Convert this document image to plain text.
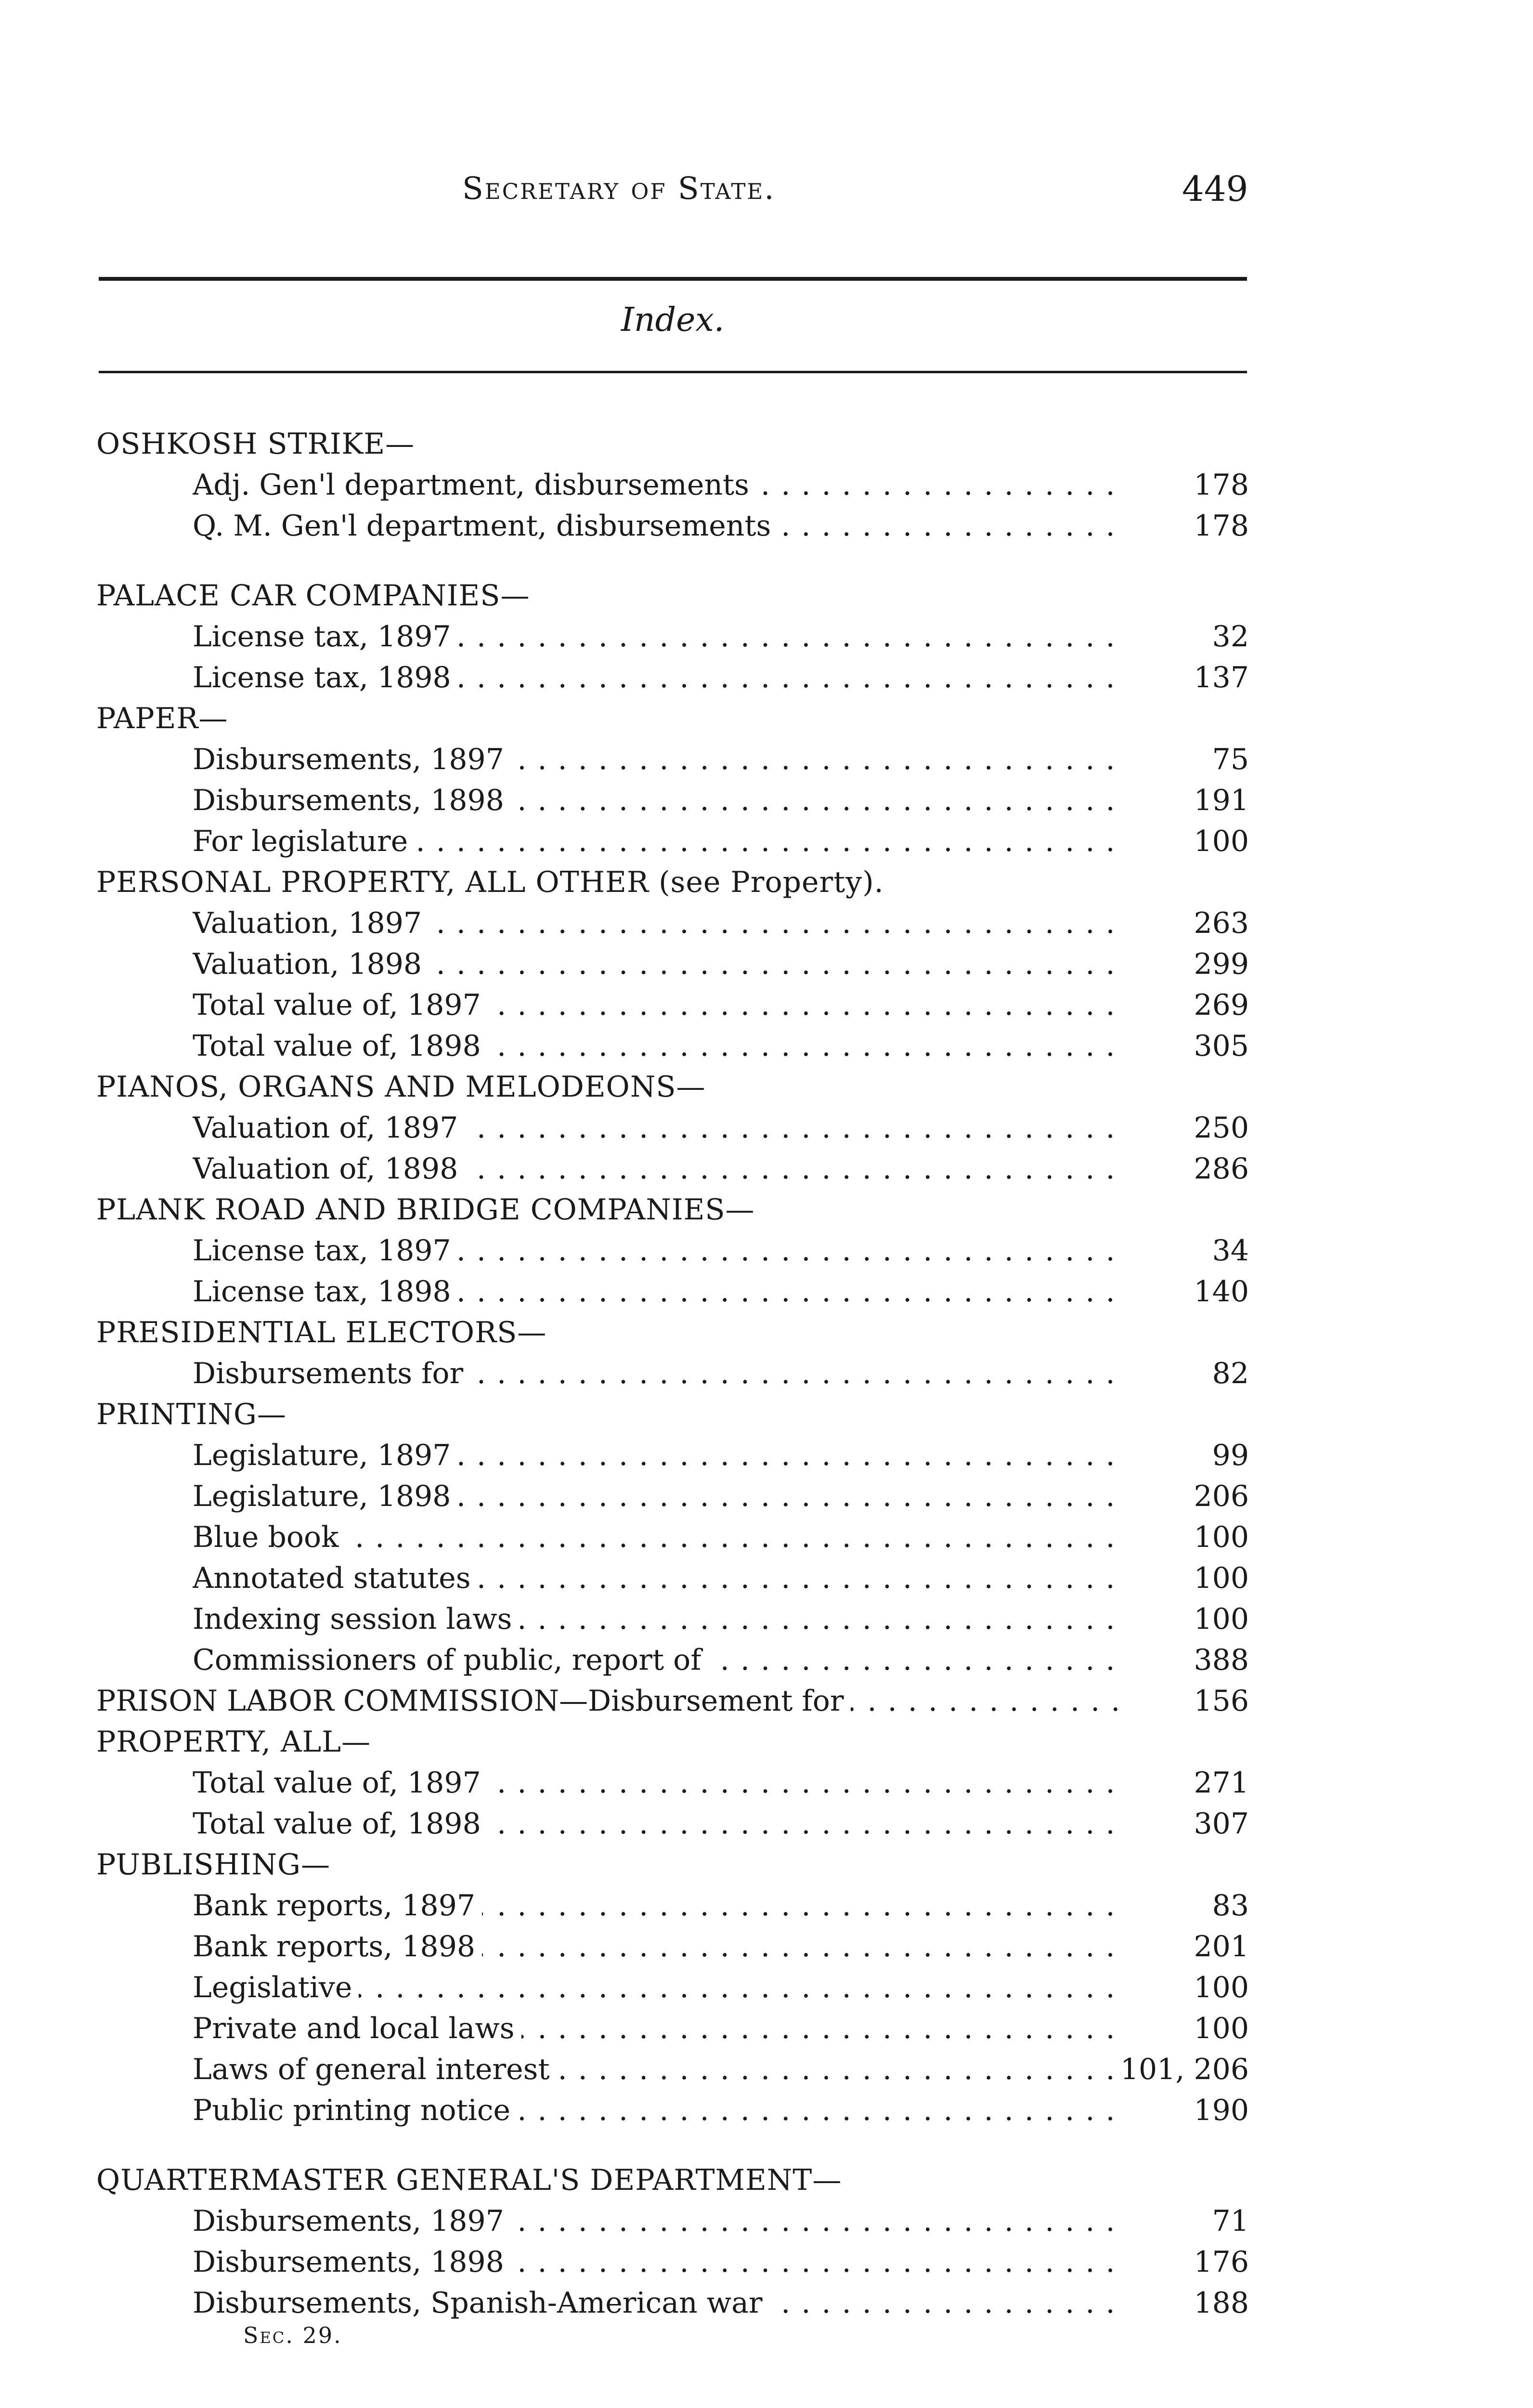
Secretary of State.	449
Index.
OSHKOSH STRIKE—
Adj. Gen'l department, disbursements . . .	178
Q. M. Gen'l department, disbursements . . .	178
PALACE CAR COMPANIES—
License tax, 1897 . . .	32
License tax, 1898 . . .	137
PAPER—
Disbursements, 1897 . . .	75
Disbursements, 1898 . . .	191
For legislature . . .	100
PERSONAL PROPERTY, ALL OTHER (see Property).
Valuation, 1897 . . .	263
Valuation, 1898 . . .	299
Total value of, 1897 . . .	269
Total value of, 1898 . . .	305
PIANOS, ORGANS AND MELODEONS—
Valuation of, 1897 . . .	250
Valuation of, 1898 . . .	286
PLANK ROAD AND BRIDGE COMPANIES—
License tax, 1897 . . .	34
License tax, 1898 . . .	140
PRESIDENTIAL ELECTORS—
Disbursements for . . .	82
PRINTING—
Legislature, 1897 . . .	99
Legislature, 1898 . . .	206
Blue book . . .	100
Annotated statutes . . .	100
Indexing session laws . . .	100
Commissioners of public, report of . . .	388
PRISON LABOR COMMISSION—Disbursement for . . .	156
PROPERTY, ALL—
Total value of, 1897 . . .	271
Total value of, 1898 . . .	307
PUBLISHING—
Bank reports, 1897 . . .	83
Bank reports, 1898 . . .	201
Legislative . . .	100
Private and local laws . . .	100
Laws of general interest . . .	101, 206
Public printing notice . . .	190
QUARTERMASTER GENERAL'S DEPARTMENT—
Disbursements, 1897 . . .	71
Disbursements, 1898 . . .	176
Disbursements, Spanish-American war . . .	188
Sec. 29.
